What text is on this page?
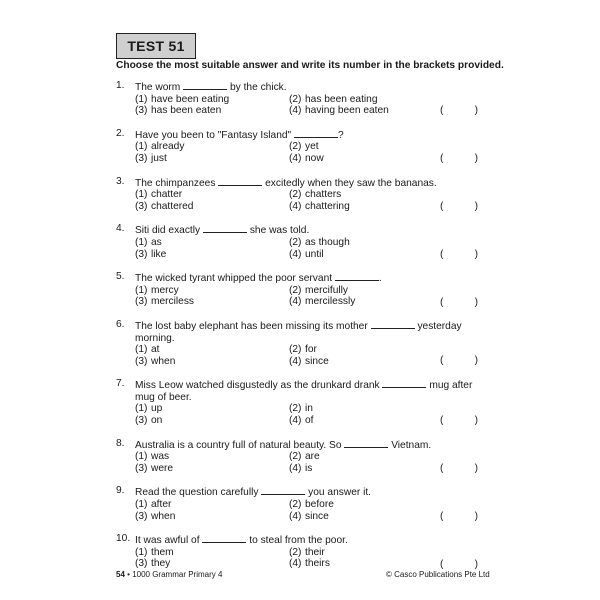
TEST 51
Choose the most suitable answer and write its number in the brackets provided.
1. The worm	by the chick.
(1) have been eating	(2) has been eating
(3) has been eaten	(4) having been eaten	(	)
2. Have you been to "Fantasy Island"	?
(1) already	(2) yet
(3) just	(4) now	(	)
3. The chimpanzees	excitedly when they saw the bananas.
(1) chatter	(2) chatters
(3) chattered	(4) chattering	(	)
4. Siti did exactly	she was told.
(1) as	(2) as though
(3) like	(4) until	(	)
5. The wicked tyrant whipped the poor servant	.
(1) mercy	(2) mercifully
(3) merciless	(4) mercilessly	(	)
6. The lost baby elephant has been missing its mother	yesterday
morning.
(1) at	(2) for
(3) when	(4) since	(	)
7. Miss Leow watched disgustedly as the drunkard drank	mug after
mug of beer.
(1) up	(2) in
(3) on	(4) of	(	)
8. Australia is a country full of natural beauty. So	Vietnam.
(1) was	(2) are
(3) were	(4) is	(	)
9. Read the question carefully	you answer it.
(1) after	(2) before
(3) when	(4) since	(	)
10. It was awful of	to steal from the poor.
(1) them	(2) their
(3) they	(4) theirs	(	)
54 • 1000 Grammar Primary 4	© Casco Publications Pte Ltd
